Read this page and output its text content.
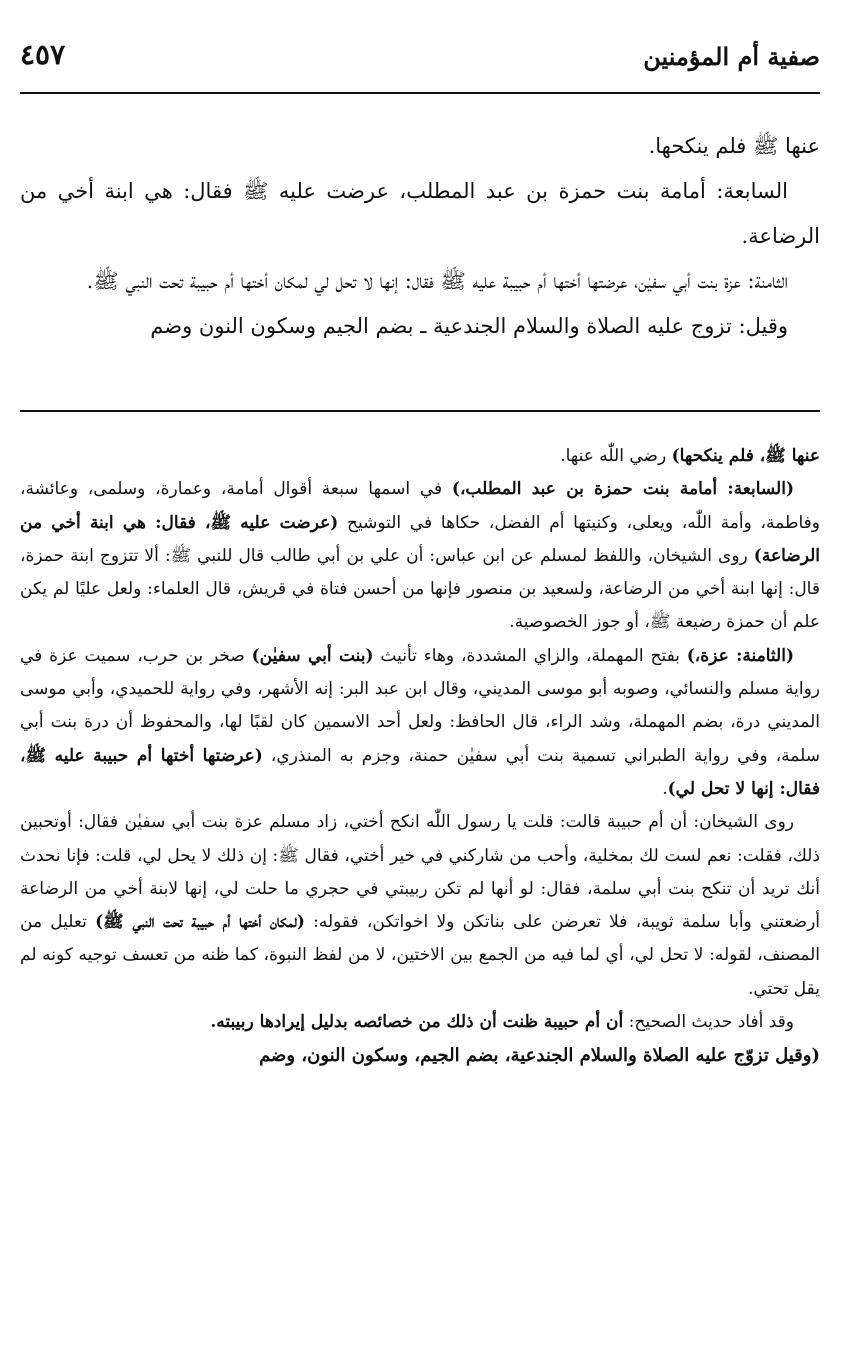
صفية أم المؤمنين
٤٥٧

عنها ﷺ فلم ينكحها.

السابعة: أمامة بنت حمزة بن عبد المطلب، عرضت عليه ﷺ فقال: هي ابنة أخي من الرضاعة.

الثامنة: عزة بنت أبي سفيٰن، عرضتها أختها أم حبيبة عليه ﷺ فقال: إنها لا تحل لي لمكان أختها أم حبيبة تحت النبي ﷺ.

وقيل: تزوج عليه الصلاة والسلام الجندعية ـ بضم الجيم وسكون النون وضم

عنها ﷺ، فلم ينكحها) رضي اللّٰه عنها.

(السابعة: أمامة بنت حمزة بن عبد المطلب،) في اسمها سبعة أقوال أمامة، وعمارة، وسلمى، وعائشة، وفاطمة، وأمة اللّٰه، ويعلى، وكنيتها أم الفضل، حكاها في التوشيح (عرضت عليه ﷺ، فقال: هي ابنة أخي من الرضاعة) روى الشيخان، واللفظ لمسلم عن ابن عباس: أن علي بن أبي طالب قال للنبي ﷺ: ألا تتزوج ابنة حمزة، قال: إنها ابنة أخي من الرضاعة، ولسعيد بن منصور فإنها من أحسن فتاة في قريش، قال العلماء: ولعل عليًا لم يكن علم أن حمزة رضيعة ﷺ، أو جوز الخصوصية.

(الثامنة: عزة،) بفتح المهملة، والزاي المشددة، وهاء تأنيث (بنت أبي سفيٰن) صخر بن حرب، سميت عزة في رواية مسلم والنسائي، وصوبه أبو موسى المديني، وقال ابن عبد البر: إنه الأشهر، وفي رواية للحميدي، وأبي موسى المديني درة، بضم المهملة، وشد الراء، قال الحافظ: ولعل أحد الاسمين كان لقبًا لها، والمحفوظ أن درة بنت أبي سلمة، وفي رواية الطبراني تسمية بنت أبي سفيٰن حمنة، وجزم به المنذري، (عرضتها أختها أم حبيبة عليه ﷺ، فقال: إنها لا تحل لي).

روى الشيخان: أن أم حبيبة قالت: قلت يا رسول اللّٰه انكح أختي، زاد مسلم عزة بنت أبي سفيٰن فقال: أوتحبين ذلك، فقلت: نعم لست لك بمخلية، وأحب من شاركني في خير أختي، فقال ﷺ: إن ذلك لا يحل لي، قلت: فإنا نحدث أنك تريد أن تنكح بنت أبي سلمة، فقال: لو أنها لم تكن ربيبتي في حجري ما حلت لي، إنها لابنة أخي من الرضاعة أرضعتني وأبا سلمة ثويبة، فلا تعرضن على بناتكن ولا اخواتكن، فقوله: (لمكان أختها أم حبيبة تحت النبي ﷺ) تعليل من المصنف، لقوله: لا تحل لي، أي لما فيه من الجمع بين الاختين، لا من لفظ النبوة، كما ظنه من تعسف توجيه كونه لم يقل تحتي.

وقد أفاد حديث الصحيح: أن أم حبيبة ظنت أن ذلك من خصائصه بدليل إيرادها ربيبته.

(وقيل تزوّج عليه الصلاة والسلام الجندعية، بضم الجيم، وسكون النون، وضم
